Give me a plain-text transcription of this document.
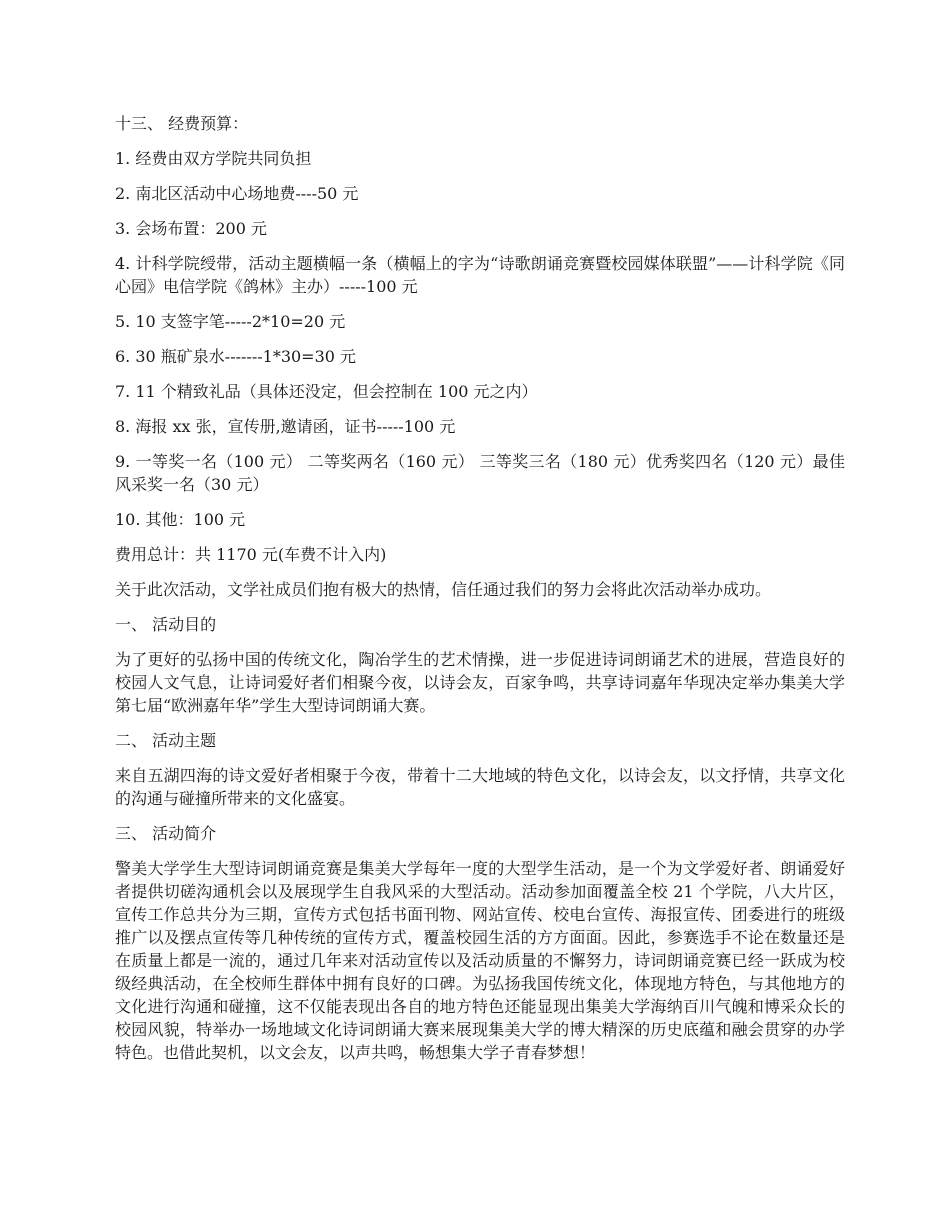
十三、 经费预算：

1. 经费由双方学院共同负担

2. 南北区活动中心场地费----50 元

3. 会场布置：200 元

4. 计科学院绶带，活动主题横幅一条（横幅上的字为“诗歌朗诵竞赛暨校园媒体联盟”——计科学院《同心园》电信学院《鸽林》主办）-----100 元

5. 10 支签字笔-----2*10=20 元

6. 30 瓶矿泉水-------1*30=30 元

7. 11 个精致礼品（具体还没定，但会控制在 100 元之内）

8. 海报 xx 张，宣传册,邀请函，证书-----100 元

9. 一等奖一名（100 元） 二等奖两名（160 元） 三等奖三名（180 元）优秀奖四名（120 元）最佳风采奖一名（30 元）

10. 其他：100 元

费用总计：共 1170 元(车费不计入内)

关于此次活动，文学社成员们抱有极大的热情，信任通过我们的努力会将此次活动举办成功。

一、 活动目的

为了更好的弘扬中国的传统文化，陶冶学生的艺术情操，进一步促进诗词朗诵艺术的进展，营造良好的校园人文气息，让诗词爱好者们相聚今夜，以诗会友，百家争鸣，共享诗词嘉年华现决定举办集美大学第七届“欧洲嘉年华”学生大型诗词朗诵大赛。

二、 活动主题

来自五湖四海的诗文爱好者相聚于今夜，带着十二大地域的特色文化，以诗会友，以文抒情，共享文化的沟通与碰撞所带来的文化盛宴。

三、 活动简介

警美大学学生大型诗词朗诵竞赛是集美大学每年一度的大型学生活动，是一个为文学爱好者、朗诵爱好者提供切磋沟通机会以及展现学生自我风采的大型活动。活动参加面覆盖全校 21 个学院，八大片区，宣传工作总共分为三期，宣传方式包括书面刊物、网站宣传、校电台宣传、海报宣传、团委进行的班级推广以及摆点宣传等几种传统的宣传方式，覆盖校园生活的方方面面。因此，参赛选手不论在数量还是在质量上都是一流的，通过几年来对活动宣传以及活动质量的不懈努力，诗词朗诵竞赛已经一跃成为校级经典活动，在全校师生群体中拥有良好的口碑。为弘扬我国传统文化，体现地方特色，与其他地方的文化进行沟通和碰撞，这不仅能表现出各自的地方特色还能显现出集美大学海纳百川气魄和博采众长的校园风貌，特举办一场地域文化诗词朗诵大赛来展现集美大学的博大精深的历史底蕴和融会贯穿的办学特色。也借此契机，以文会友，以声共鸣，畅想集大学子青春梦想！
